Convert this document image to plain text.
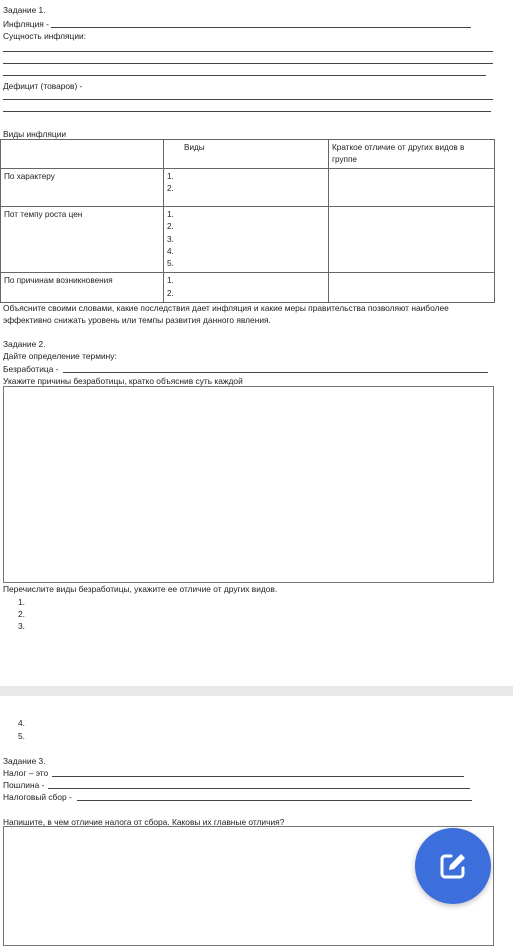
Задание 1.
Инфляция -
Сущность инфляции:
Дефицит (товаров) -
Виды инфляции
	Виды	Краткое отличие от других видов в группе
По характеру	1.
2.	

Пот темпу роста цен	1.
2.
3.
4.
5.	

По причинам возникновения	1.
2.	

Объясните своими словами, какие последствия дает инфляция и какие меры правительства позволяют наиболее
эффективно снижать уровень или темпы развития данного явления.
Задание 2.
Дайте определение термину:
Безработица -
Укажите причины безработицы, кратко объяснив суть каждой
Перечислите виды безработицы, укажите ее отличие от других видов.
1.
2.
3.
4.
5.
Задание 3.
Налог – это
Пошлина -
Налоговый сбор -
Напишите, в чем отличие налога от сбора. Каковы их главные отличия?
